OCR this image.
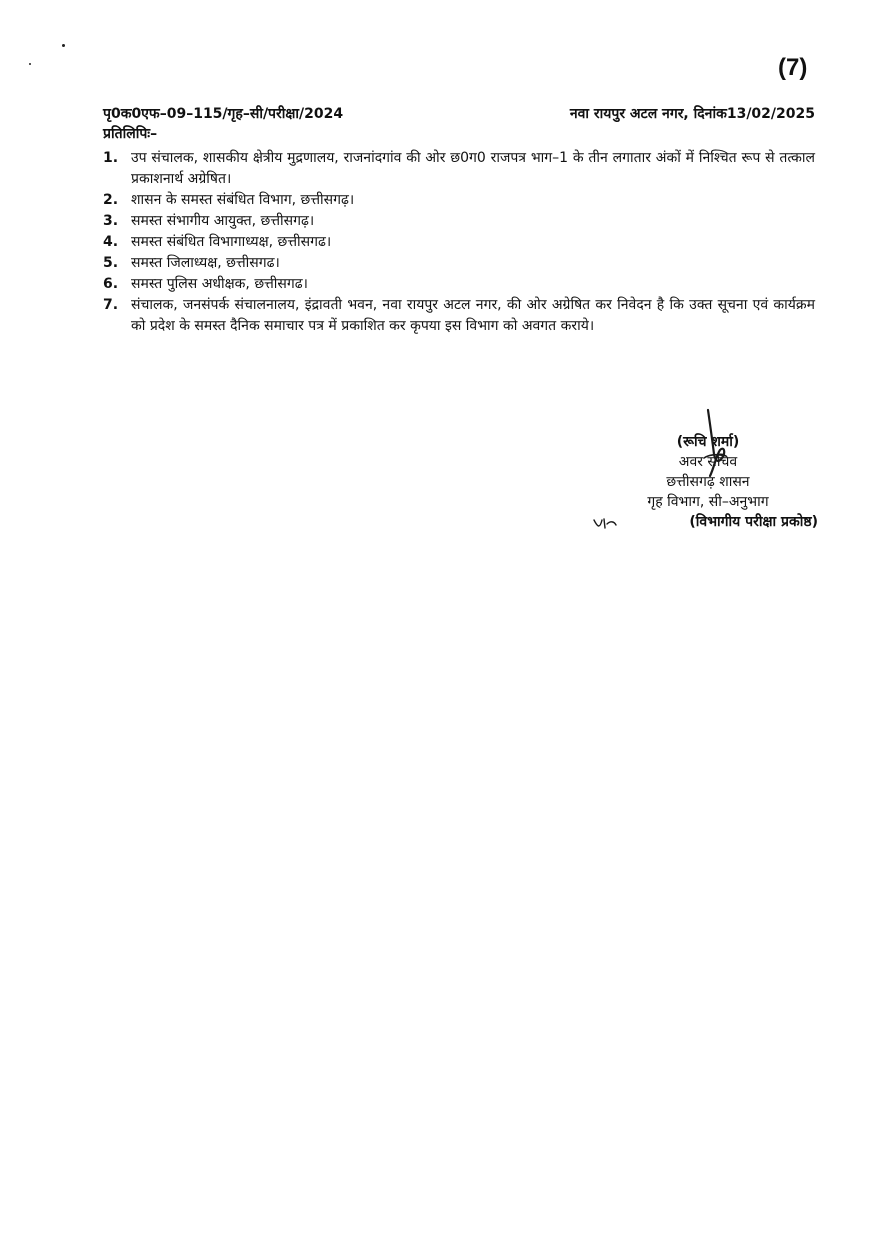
(7)
पृ0क0एफ–09–115/गृह–सी/परीक्षा/2024	नवा रायपुर अटल नगर, दिनांक13/02/2025
प्रतिलिपिः–
1. उप संचालक, शासकीय क्षेत्रीय मुद्रणालय, राजनांदगांव की ओर छ0ग0 राजपत्र भाग–1 के तीन लगातार अंकों में निश्चित रूप से तत्काल प्रकाशनार्थ अग्रेषित।
2. शासन के समस्त संबंधित विभाग, छत्तीसगढ़।
3. समस्त संभागीय आयुक्त, छत्तीसगढ़।
4. समस्त संबंधित विभागाध्यक्ष, छत्तीसगढ।
5. समस्त जिलाध्यक्ष, छत्तीसगढ।
6. समस्त पुलिस अधीक्षक, छत्तीसगढ।
7. संचालक, जनसंपर्क संचालनालय, इंद्रावती भवन, नवा रायपुर अटल नगर, की ओर अग्रेषित कर निवेदन है कि उक्त सूचना एवं कार्यक्रम को प्रदेश के समस्त दैनिक समाचार पत्र में प्रकाशित कर कृपया इस विभाग को अवगत कराये।
(रूचि शर्मा)
अवर सचिव
छत्तीसगढ़ शासन
गृह विभाग, सी–अनुभाग
(विभागीय परीक्षा प्रकोष्ठ)
